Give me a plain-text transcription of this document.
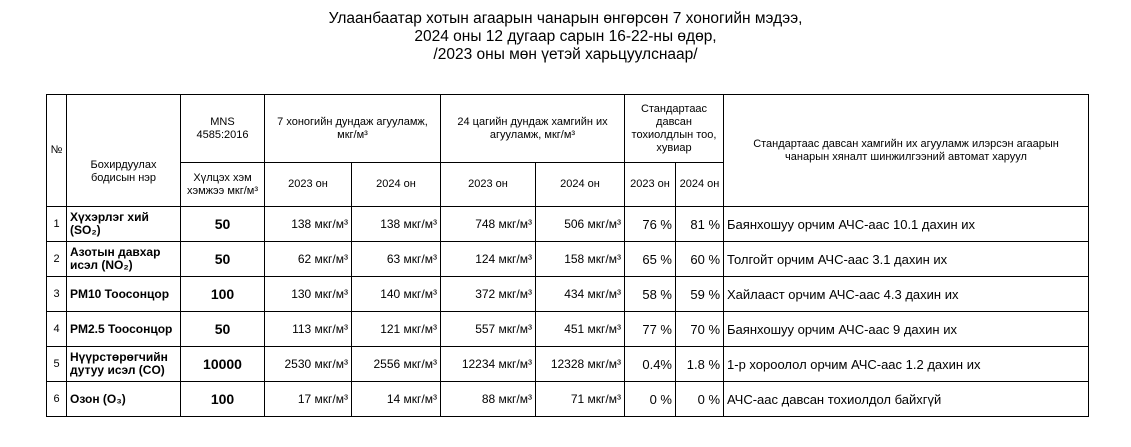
Улаанбаатар хотын агаарын чанарын өнгөрсөн 7 хоногийн мэдээ,
2024 оны 12 дугаар сарын 16-22-ны өдөр,
/2023 оны мөн үетэй харьцуулснаар/
№	Бохирдуулах бодисын нэр	MNS 4585:2016	7 хоногийн дундаж агууламж, мкг/м³		24 цагийн дундаж хамгийн их агууламж, мкг/м³		Стандартаас давсан тохиолдлын тоо, хувиар		Стандартаас давсан хамгийн их агууламж илэрсэн агаарын чанарын хяналт шинжилгээний автомат харуул
		Хүлцэх хэм хэмжээ мкг/м³	2023 он	2024 он	2023 он	2024 он	2023 он	2024 он	
1	Хүхэрлэг хий (SO₂)	50	138 мкг/м³	138 мкг/м³	748 мкг/м³	506 мкг/м³	76 %	81 %	Баянхошуу орчим АЧС-аас 10.1 дахин их
2	Азотын давхар исэл (NO₂)	50	62 мкг/м³	63 мкг/м³	124 мкг/м³	158 мкг/м³	65 %	60 %	Толгойт орчим АЧС-аас 3.1 дахин их
3	PM10 Тоосонцор	100	130 мкг/м³	140 мкг/м³	372 мкг/м³	434 мкг/м³	58 %	59 %	Хайлааст орчим АЧС-аас 4.3 дахин их
4	PM2.5 Тоосонцор	50	113 мкг/м³	121 мкг/м³	557 мкг/м³	451 мкг/м³	77 %	70 %	Баянхошуу орчим АЧС-аас 9 дахин их
5	Нүүрстөрөгчийн дутуу исэл (CO)	10000	2530 мкг/м³	2556 мкг/м³	12234 мкг/м³	12328 мкг/м³	0.4%	1.8 %	1-р хороолол орчим АЧС-аас 1.2 дахин их
6	Озон (O₃)	100	17 мкг/м³	14 мкг/м³	88 мкг/м³	71 мкг/м³	0 %	0 %	АЧС-аас давсан тохиолдол байхгүй
